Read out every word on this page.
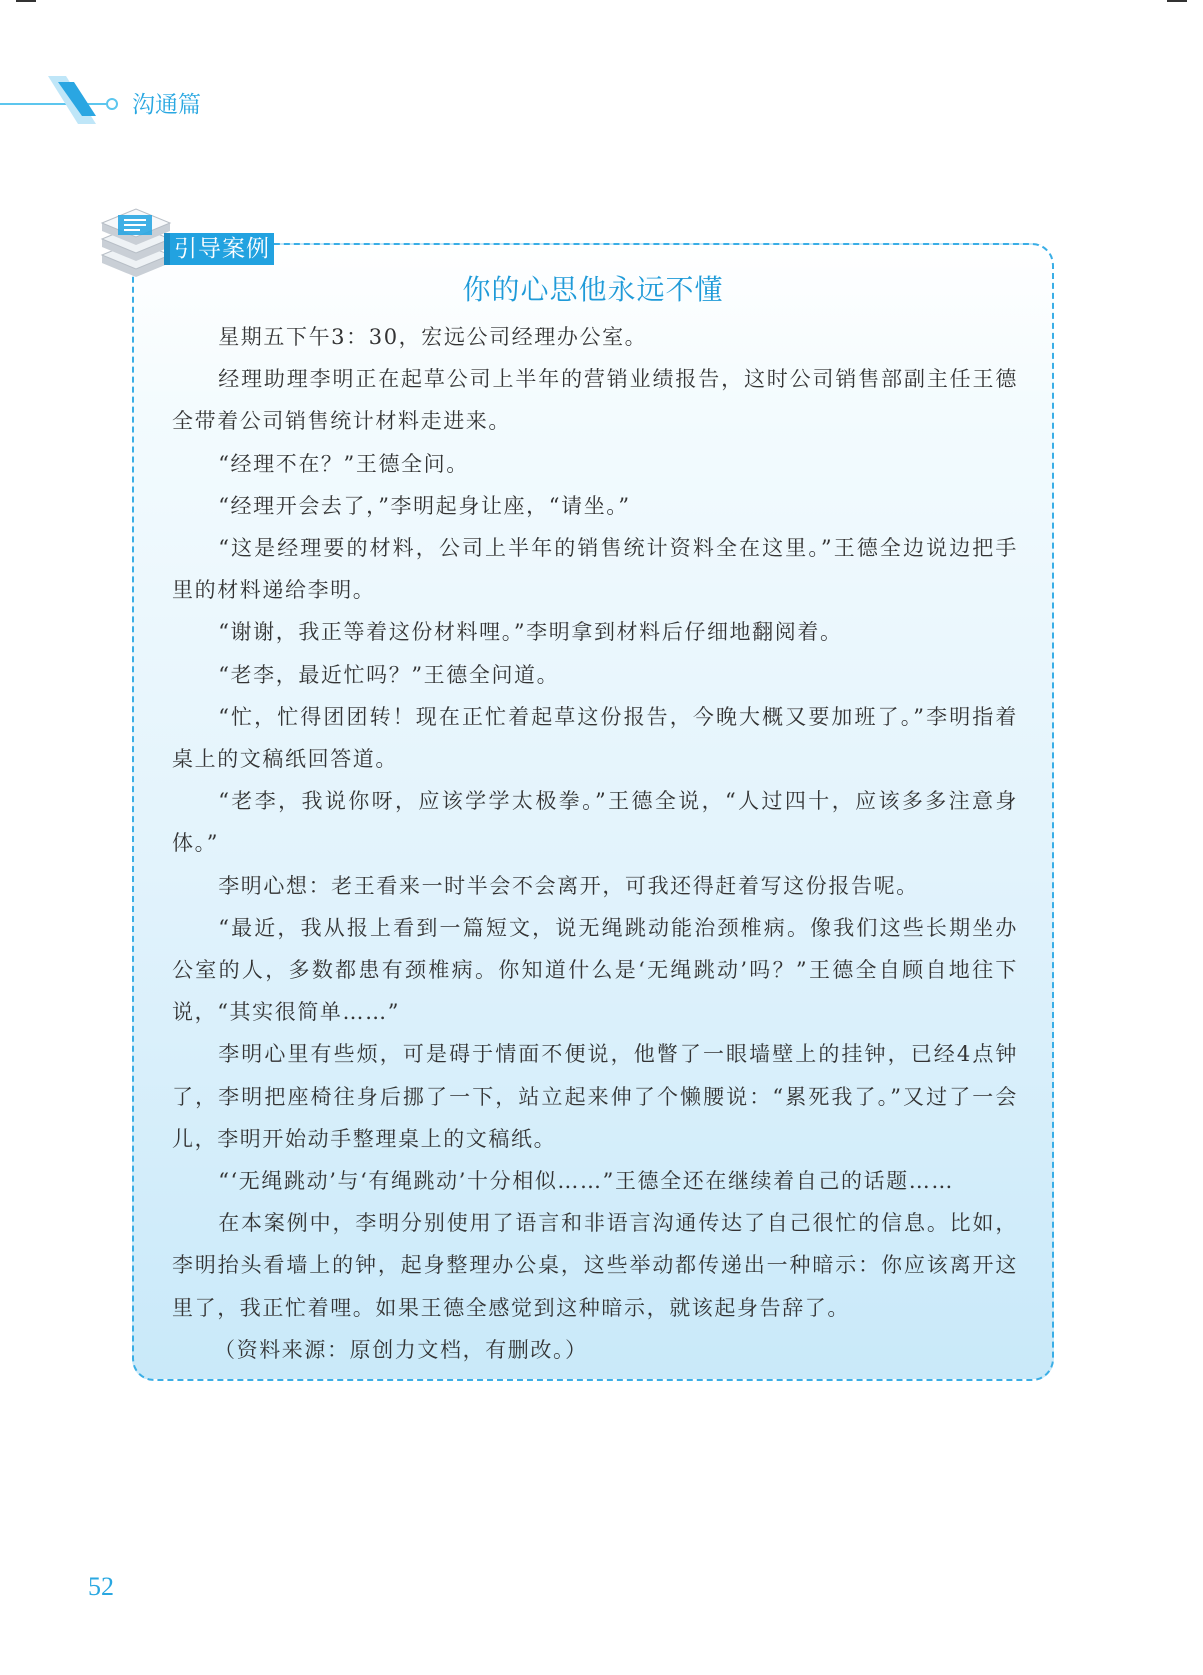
沟通篇
引导案例
你的心思他永远不懂

星期五下午3：30，宏远公司经理办公室。

经理助理李明正在起草公司上半年的营销业绩报告，这时公司销售部副主任王德全带着公司销售统计材料走进来。

“经理不在？”王德全问。

“经理开会去了，”李明起身让座，“请坐。”

“这是经理要的材料，公司上半年的销售统计资料全在这里。”王德全边说边把手里的材料递给李明。

“谢谢，我正等着这份材料哩。”李明拿到材料后仔细地翻阅着。

“老李，最近忙吗？”王德全问道。

“忙，忙得团团转！现在正忙着起草这份报告，今晚大概又要加班了。”李明指着桌上的文稿纸回答道。

“老李，我说你呀，应该学学太极拳。”王德全说，“人过四十，应该多多注意身体。”

李明心想：老王看来一时半会不会离开，可我还得赶着写这份报告呢。

“最近，我从报上看到一篇短文，说无绳跳动能治颈椎病。像我们这些长期坐办公室的人，多数都患有颈椎病。你知道什么是‘无绳跳动’吗？”王德全自顾自地往下说，“其实很简单……”

李明心里有些烦，可是碍于情面不便说，他瞥了一眼墙壁上的挂钟，已经4点钟了，李明把座椅往身后挪了一下，站立起来伸了个懒腰说：“累死我了。”又过了一会儿，李明开始动手整理桌上的文稿纸。

“‘无绳跳动’与‘有绳跳动’十分相似……”王德全还在继续着自己的话题……

在本案例中，李明分别使用了语言和非语言沟通传达了自己很忙的信息。比如，李明抬头看墙上的钟，起身整理办公桌，这些举动都传递出一种暗示：你应该离开这里了，我正忙着哩。如果王德全感觉到这种暗示，就该起身告辞了。

（资料来源：原创力文档，有删改。）

52
